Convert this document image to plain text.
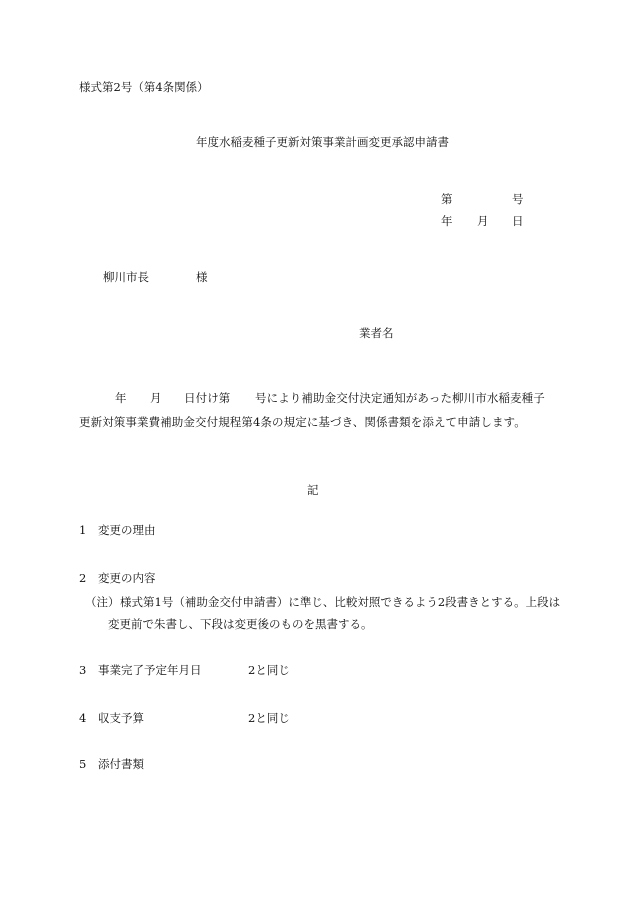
様式第2号（第4条関係）
年度水稲麦種子更新対策事業計画変更承認申請書
第	号
年 月 日
柳川市長	様
業者名
年 月 日付け第 号により補助金交付決定通知があった柳川市水稲麦種子
更新対策事業費補助金交付規程第4条の規定に基づき、関係書類を添えて申請します。
記
1 変更の理由
2 変更の内容
（注） 様式第1号（補助金交付申請書）に準じ、比較対照できるよう2段書きとする。上段は
変更前で朱書し、下段は変更後のものを黒書する。
3 事業完了予定年月日	2と同じ
4 収支予算	2と同じ
5 添付書類
